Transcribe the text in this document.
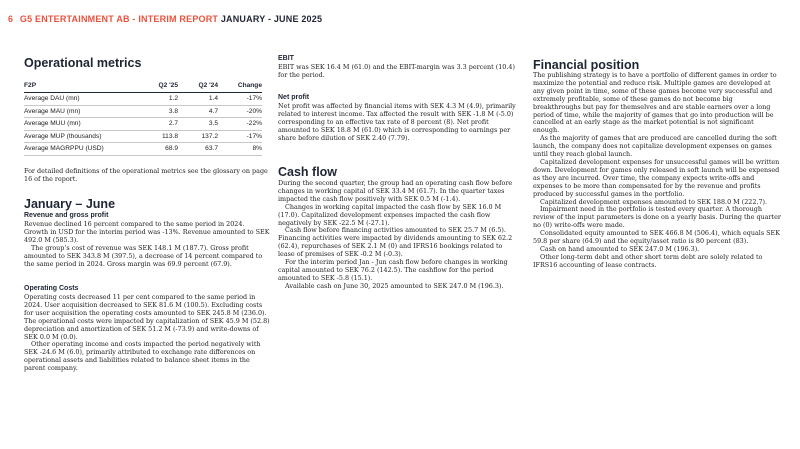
6 G5 ENTERTAINMENT AB - INTERIM REPORT JANUARY - JUNE 2025
Operational metrics
F2P	Q2 '25	Q2 '24	Change
Average DAU (mn)	1.2	1.4	-17%
Average MAU (mn)	3.8	4.7	-20%
Average MUU (mn)	2.7	3.5	-22%
Average MUP (thousands)	113.8	137.2	-17%
Average MAGRPPU (USD)	68.9	63.7	8%

For detailed definitions of the operational metrics see the glossary on page 16 of the report.

January – June
Revenue and gross profit

Revenue declined 16 percent compared to the same period in 2024. Growth in USD for the interim period was -13%. Revenue amounted to SEK 492.0 M (585.3).

The group’s cost of revenue was SEK 148.1 M (187.7). Gross profit amounted to SEK 343.8 M (397.5), a decrease of 14 percent compared to the same period in 2024. Gross margin was 69.9 percent (67.9).

Operating Costs

Operating costs decreased 11 per cent compared to the same period in 2024. User acquisition decreased to SEK 81.6 M (100.5). Excluding costs for user acquisition the operating costs amounted to SEK 245.8 M (236.0). The operational costs were impacted by capitalization of SEK 45.9 M (52.8) depreciation and amortization of SEK 51.2 M (-73.9) and write-downs of SEK 0.0 M (0.0).

Other operating income and costs impacted the period negatively with SEK -24.6 M (6.0), primarily attributed to exchange rate differences on operational assets and liabilities related to balance sheet items in the parent company.

EBIT

EBIT was SEK 16.4 M (61.0) and the EBIT-margin was 3.3 percent (10.4) for the period.

Net profit

Net profit was affected by financial items with SEK 4.3 M (4.9), primarily related to interest income. Tax affected the result with SEK -1.8 M (-5.0) corresponding to an effective tax rate of 8 percent (8). Net profit amounted to SEK 18.8 M (61.0) which is corresponding to earnings per share before dilution of SEK 2.40 (7.79).

Cash flow

During the second quarter, the group had an operating cash flow before changes in working capital of SEK 33.4 M (61.7). In the quarter taxes impacted the cash flow positively with SEK 0.5 M (-1.4).

Changes in working capital impacted the cash flow by SEK 16.0 M (17.0). Capitalized development expenses impacted the cash flow negatively by SEK -22.5 M (-27.1).

Cash flow before financing activities amounted to SEK 25.7 M (6.5). Financing activities were impacted by dividends amounting to SEK 62.2 (62.4), repurchases of SEK 2.1 M (0) and IFRS16 bookings related to lease of premises of SEK -0.2 M (-0.3).

For the interim period Jan - Jun cash flow before changes in working capital amounted to SEK 76.2 (142.5). The cashflow for the period amounted to SEK -5.8 (15.1).

Available cash on June 30, 2025 amounted to SEK 247.0 M (196.3).

Financial position

The publishing strategy is to have a portfolio of different games in order to maximize the potential and reduce risk. Multiple games are developed at any given point in time, some of these games become very successful and extremely profitable, some of these games do not become big breakthroughs but pay for themselves and are stable earners over a long period of time, while the majority of games that go into production will be cancelled at an early stage as the market potential is not significant enough.

As the majority of games that are produced are cancelled during the soft launch, the company does not capitalize development expenses on games until they reach global launch.

Capitalized development expenses for unsuccessful games will be written down. Development for games only released in soft launch will be expensed as they are incurred. Over time, the company expects write-offs and expenses to be more than compensated for by the revenue and profits produced by successful games in the portfolio.

Capitalized development expenses amounted to SEK 188.0 M (222.7).

Impairment need in the portfolio is tested every quarter. A thorough review of the input parameters is done on a yearly basis. During the quarter no (0) write-offs were made.

Consolidated equity amounted to SEK 466.8 M (506.4), which equals SEK 59.8 per share (64.9) and the equity/asset ratio is 80 percent (83).

Cash on hand amounted to SEK 247.0 M (196.3).

Other long-term debt and other short term debt are solely related to IFRS16 accounting of lease contracts.
